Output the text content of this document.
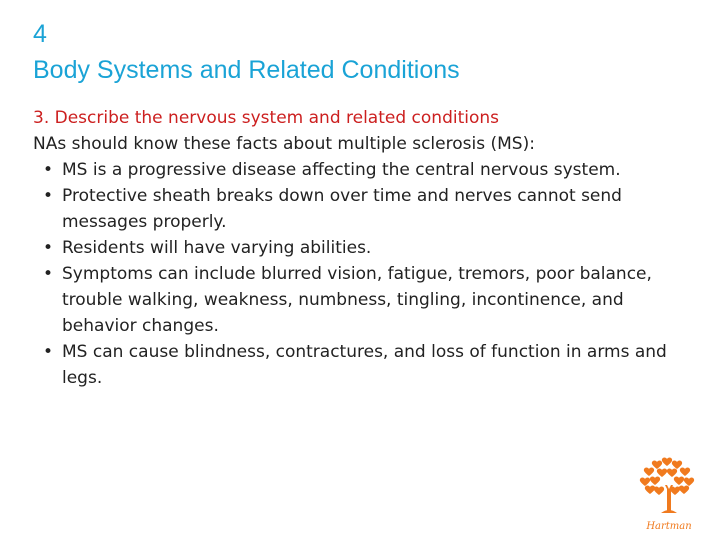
4
Body Systems and Related Conditions

3. Describe the nervous system and related conditions

NAs should know these facts about multiple sclerosis (MS):

• MS is a progressive disease affecting the central nervous system.
• Protective sheath breaks down over time and nerves cannot send messages properly.
• Residents will have varying abilities.
• Symptoms can include blurred vision, fatigue, tremors, poor balance, trouble walking, weakness, numbness, tingling, incontinence, and behavior changes.
• MS can cause blindness, contractures, and loss of function in arms and legs.
Hartman
